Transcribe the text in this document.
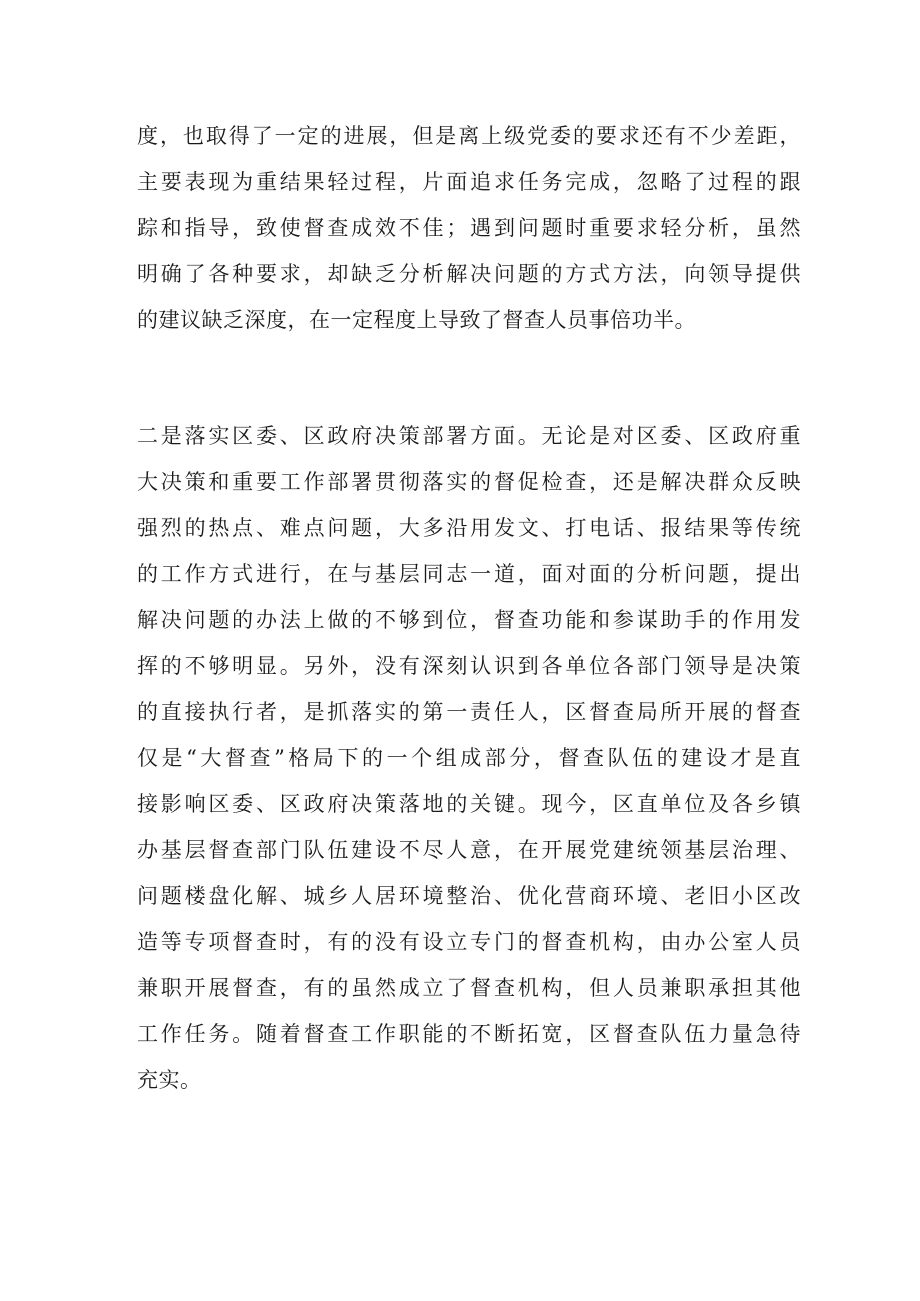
度，也取得了一定的进展，但是离上级党委的要求还有不少差距，
主要表现为重结果轻过程，片面追求任务完成，忽略了过程的跟
踪和指导，致使督查成效不佳；遇到问题时重要求轻分析，虽然
明确了各种要求，却缺乏分析解决问题的方式方法，向领导提供
的建议缺乏深度，在一定程度上导致了督查人员事倍功半。
二是落实区委、区政府决策部署方面。无论是对区委、区政府重
大决策和重要工作部署贯彻落实的督促检查，还是解决群众反映
强烈的热点、难点问题，大多沿用发文、打电话、报结果等传统
的工作方式进行，在与基层同志一道，面对面的分析问题，提出
解决问题的办法上做的不够到位，督查功能和参谋助手的作用发
挥的不够明显。另外，没有深刻认识到各单位各部门领导是决策
的直接执行者，是抓落实的第一责任人，区督查局所开展的督查
仅是“大督查”格局下的一个组成部分，督查队伍的建设才是直
接影响区委、区政府决策落地的关键。现今，区直单位及各乡镇
办基层督查部门队伍建设不尽人意，在开展党建统领基层治理、
问题楼盘化解、城乡人居环境整治、优化营商环境、老旧小区改
造等专项督查时，有的没有设立专门的督查机构，由办公室人员
兼职开展督查，有的虽然成立了督查机构，但人员兼职承担其他
工作任务。随着督查工作职能的不断拓宽，区督查队伍力量急待
充实。
